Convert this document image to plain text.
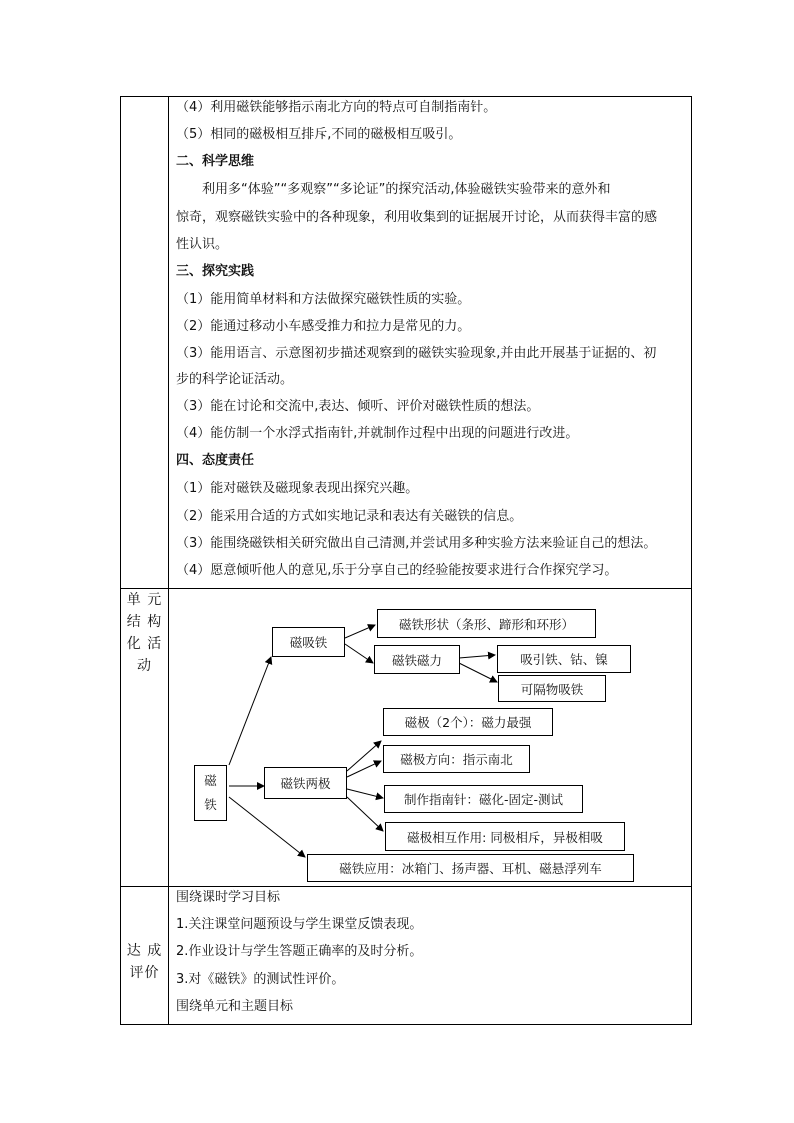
（4）利用磁铁能够指示南北方向的特点可自制指南针。
（5）相同的磁极相互排斥,不同的磁极相互吸引。
二、科学思维
　　利用多“体验”“多观察”“多论证”的探究活动,体验磁铁实验带来的意外和
惊奇，观察磁铁实验中的各种现象，利用收集到的证据展开讨论，从而获得丰富的感
性认识。
三、探究实践
（1）能用简单材料和方法做探究磁铁性质的实验。
（2）能通过移动小车感受推力和拉力是常见的力。
（3）能用语言、示意图初步描述观察到的磁铁实验现象,并由此开展基于证据的、初
步的科学论证活动。
（3）能在讨论和交流中,表达、倾听、评价对磁铁性质的想法。
（4）能仿制一个水浮式指南针,并就制作过程中出现的问题进行改进。
四、态度责任
（1）能对磁铁及磁现象表现出探究兴趣。
（2）能采用合适的方式如实地记录和表达有关磁铁的信息。
（3）能围绕磁铁相关研究做出自己清测,并尝试用多种实验方法来验证自己的想法。
（4）愿意倾听他人的意见,乐于分享自己的经验能按要求进行合作探究学习。
单 元
结 构
化 活
动
磁
铁
磁吸铁
磁铁形状（条形、蹄形和环形）
磁铁磁力	吸引铁、钴、镍
可隔物吸铁
磁铁两极
磁极（2个）：磁力最强
磁极方向：指示南北
制作指南针：磁化-固定-测试
磁极相互作用: 同极相斥，异极相吸
磁铁应用：冰箱门、扬声器、耳机、磁悬浮列车
达 成
评价
围绕课时学习目标
1.关注课堂问题预设与学生课堂反馈表现。
2.作业设计与学生答题正确率的及时分析。
3.对《磁铁》的测试性评价。
围绕单元和主题目标
